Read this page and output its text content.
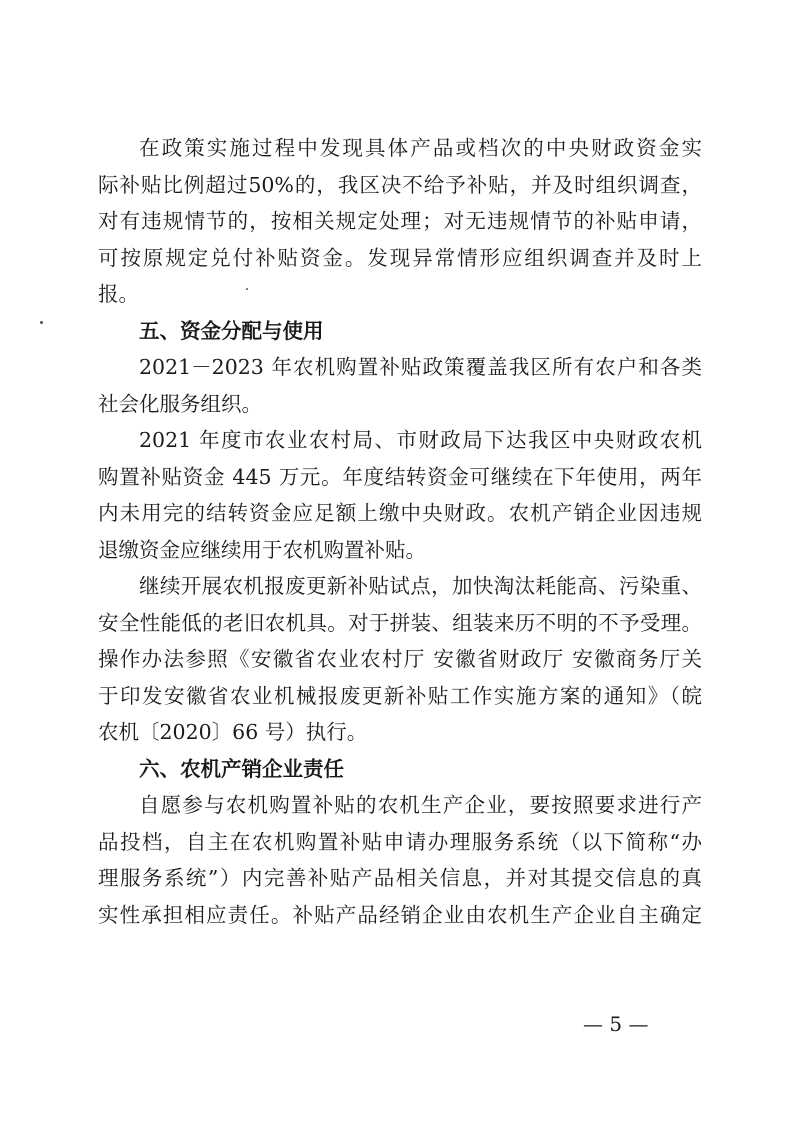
在政策实施过程中发现具体产品或档次的中央财政资金实
际补贴比例超过50%的，我区决不给予补贴，并及时组织调查，
对有违规情节的，按相关规定处理；对无违规情节的补贴申请，
可按原规定兑付补贴资金。发现异常情形应组织调查并及时上
报。
五、资金分配与使用
2021－2023 年农机购置补贴政策覆盖我区所有农户和各类
社会化服务组织。
2021 年度市农业农村局、市财政局下达我区中央财政农机
购置补贴资金 445 万元。年度结转资金可继续在下年使用，两年
内未用完的结转资金应足额上缴中央财政。农机产销企业因违规
退缴资金应继续用于农机购置补贴。
继续开展农机报废更新补贴试点，加快淘汰耗能高、污染重、
安全性能低的老旧农机具。对于拼装、组装来历不明的不予受理。
操作办法参照《安徽省农业农村厅 安徽省财政厅 安徽商务厅关
于印发安徽省农业机械报废更新补贴工作实施方案的通知》（皖
农机〔2020〕66 号）执行。
六、农机产销企业责任
自愿参与农机购置补贴的农机生产企业，要按照要求进行产
品投档，自主在农机购置补贴申请办理服务系统（以下简称“办
理服务系统”）内完善补贴产品相关信息，并对其提交信息的真
实性承担相应责任。补贴产品经销企业由农机生产企业自主确定
— 5 —
